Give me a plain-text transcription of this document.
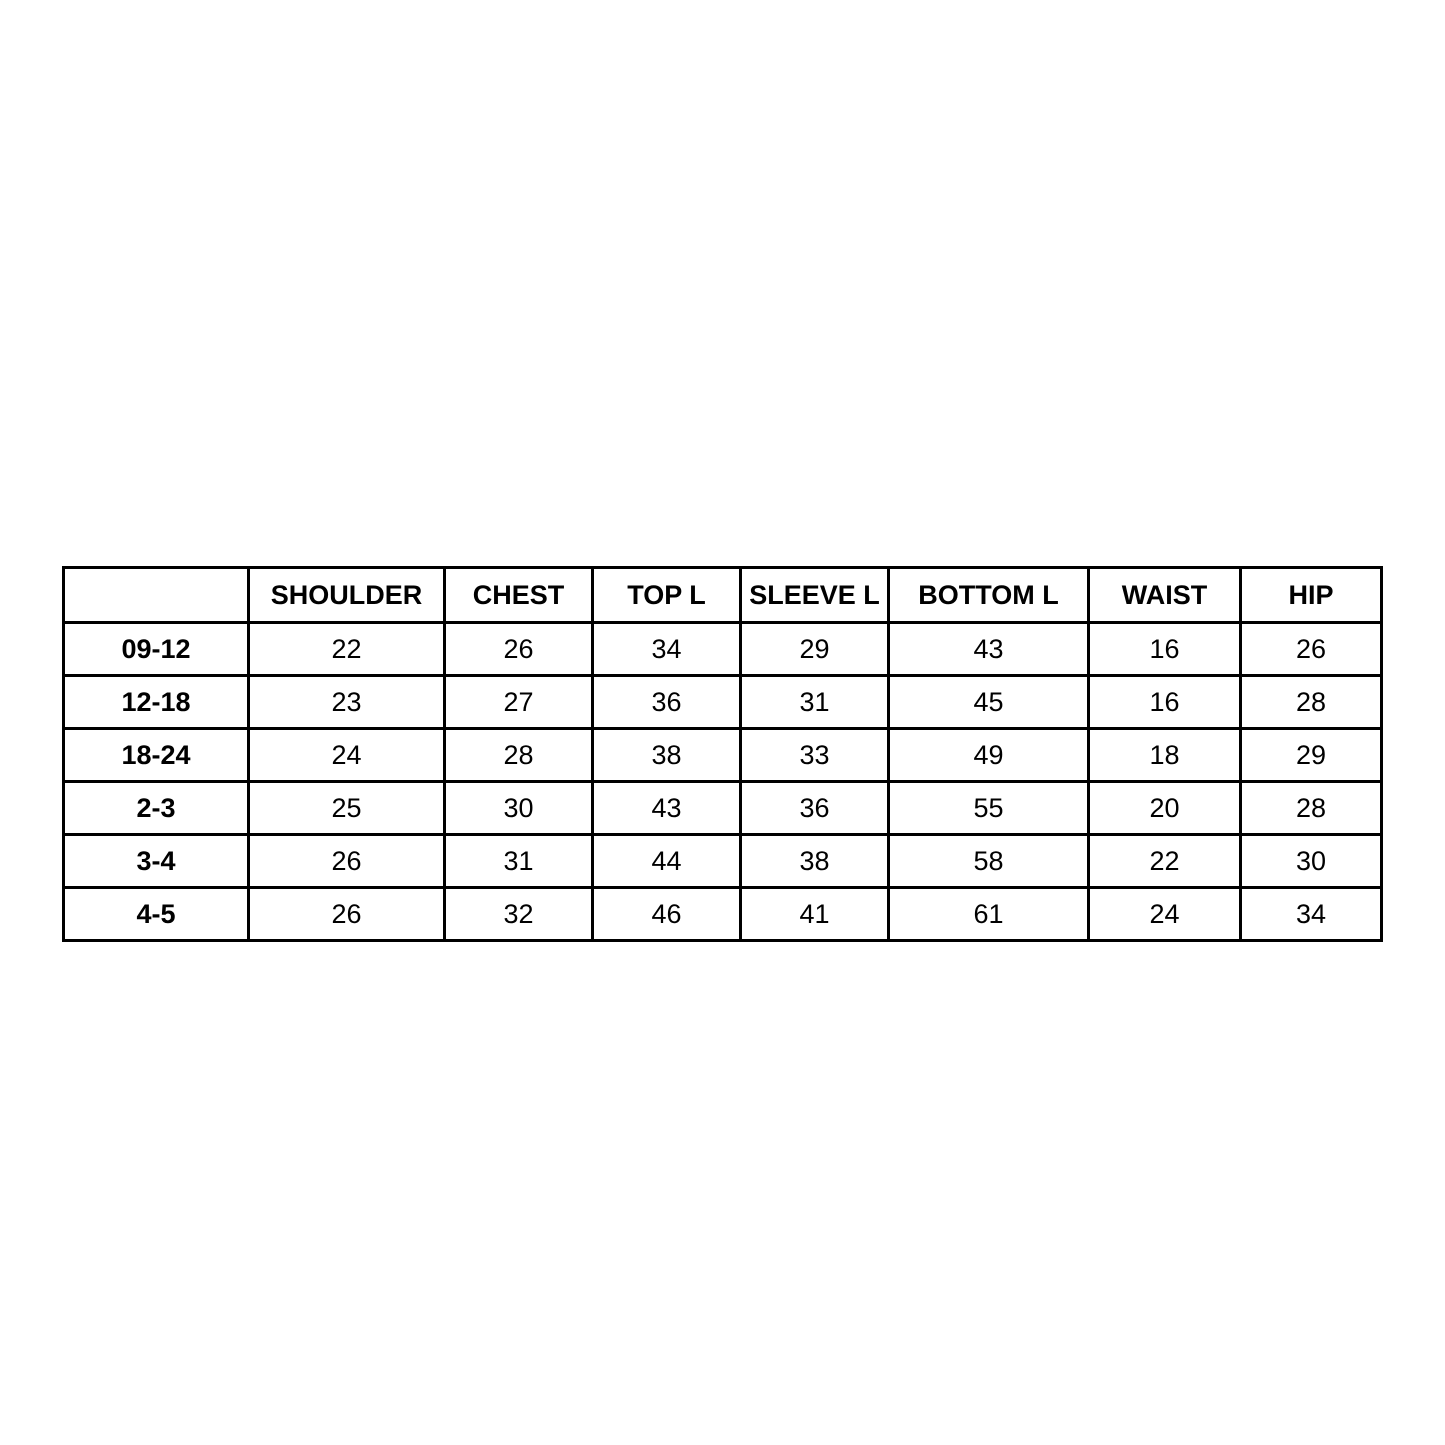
	SHOULDER	CHEST	TOP L	SLEEVE L	BOTTOM L	WAIST	HIP
09-12	22	26	34	29	43	16	26
12-18	23	27	36	31	45	16	28
18-24	24	28	38	33	49	18	29
2-3	25	30	43	36	55	20	28
3-4	26	31	44	38	58	22	30
4-5	26	32	46	41	61	24	34
